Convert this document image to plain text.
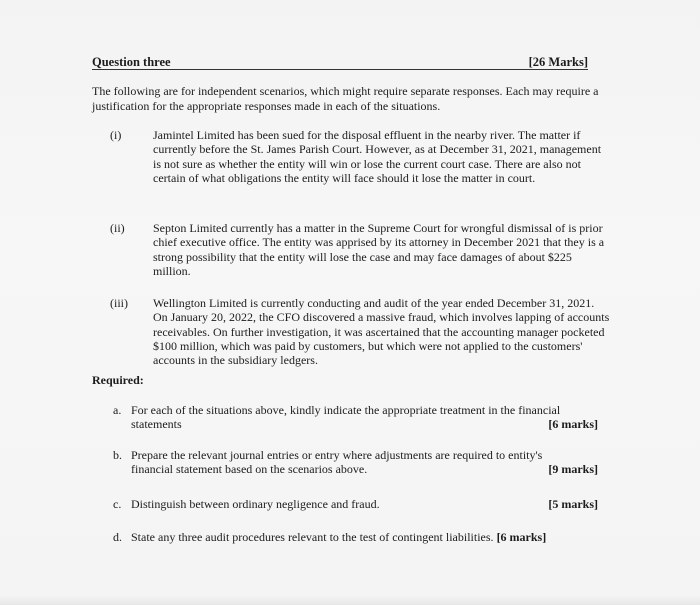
Question three	[26 Marks]

The following are for independent scenarios, which might require separate responses. Each may require a justification for the appropriate responses made in each of the situations.

(i)	Jamintel Limited has been sued for the disposal effluent in the nearby river. The matter if currently before the St. James Parish Court. However, as at December 31, 2021, management is not sure as whether the entity will win or lose the current court case. There are also not certain of what obligations the entity will face should it lose the matter in court.
(ii) Septon Limited currently has a matter in the Supreme Court for wrongful dismissal of is prior chief executive office. The entity was apprised by its attorney in December 2021 that they is a strong possibility that the entity will lose the case and may face damages of about $225 million.
(iii) Wellington Limited is currently conducting and audit of the year ended December 31, 2021. On January 20, 2022, the CFO discovered a massive fraud, which involves lapping of accounts receivables. On further investigation, it was ascertained that the accounting manager pocketed $100 million, which was paid by customers, but which were not applied to the customers' accounts in the subsidiary ledgers.
Required:
a. For each of the situations above, kindly indicate the appropriate treatment in the financial
statements	[6 marks]
b. Prepare the relevant journal entries or entry where adjustments are required to entity's
financial statement based on the scenarios above.	[9 marks]
c. Distinguish between ordinary negligence and fraud.	[5 marks]
d. State any three audit procedures relevant to the test of contingent liabilities. [6 marks]
